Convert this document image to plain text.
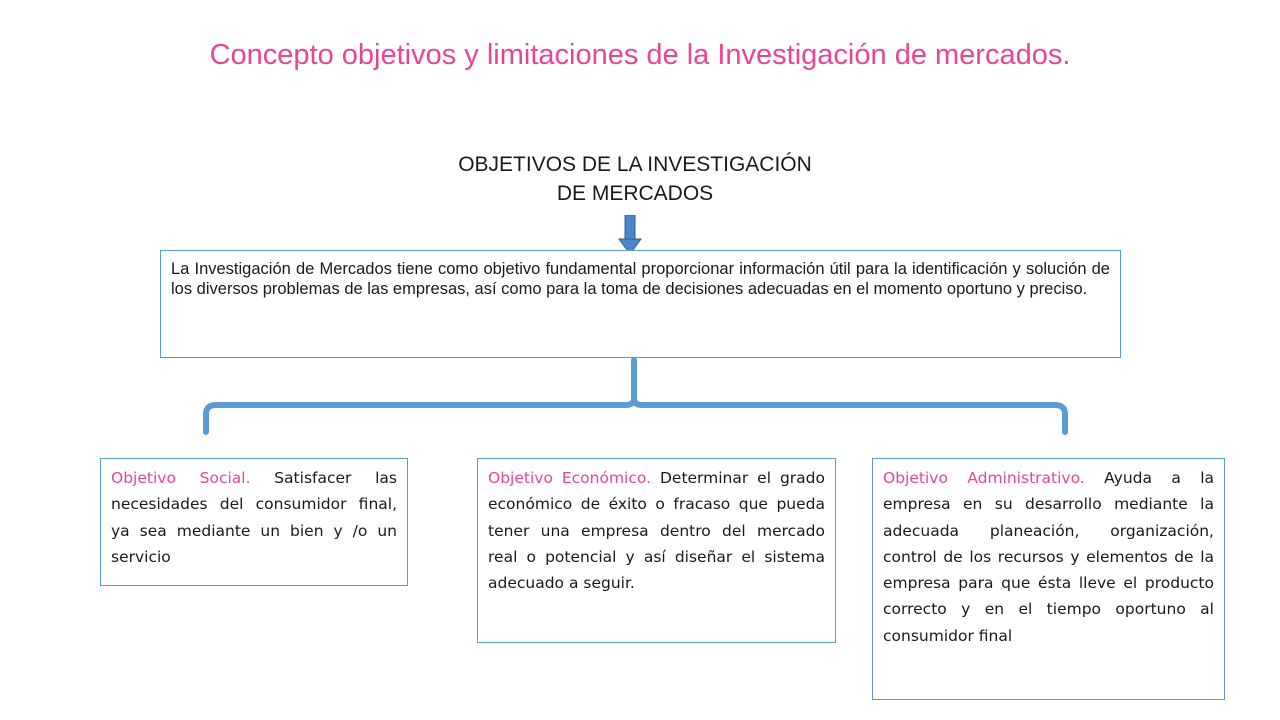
Concepto objetivos y limitaciones de la Investigación de mercados.
OBJETIVOS DE LA INVESTIGACIÓN
DE MERCADOS
La Investigación de Mercados tiene como objetivo fundamental proporcionar información útil para la identificación y solución de los diversos problemas de las empresas, así como para la toma de decisiones adecuadas en el momento oportuno y preciso.
Objetivo Social. Satisfacer las necesidades del consumidor final, ya sea mediante un bien y /o un servicio
Objetivo Económico. Determinar el grado económico de éxito o fracaso que pueda tener una empresa dentro del mercado real o potencial y así diseñar el sistema adecuado a seguir.
Objetivo Administrativo. Ayuda a la empresa en su desarrollo mediante la adecuada planeación, organización, control de los recursos y elementos de la empresa para que ésta lleve el producto correcto y en el tiempo oportuno al consumidor final
